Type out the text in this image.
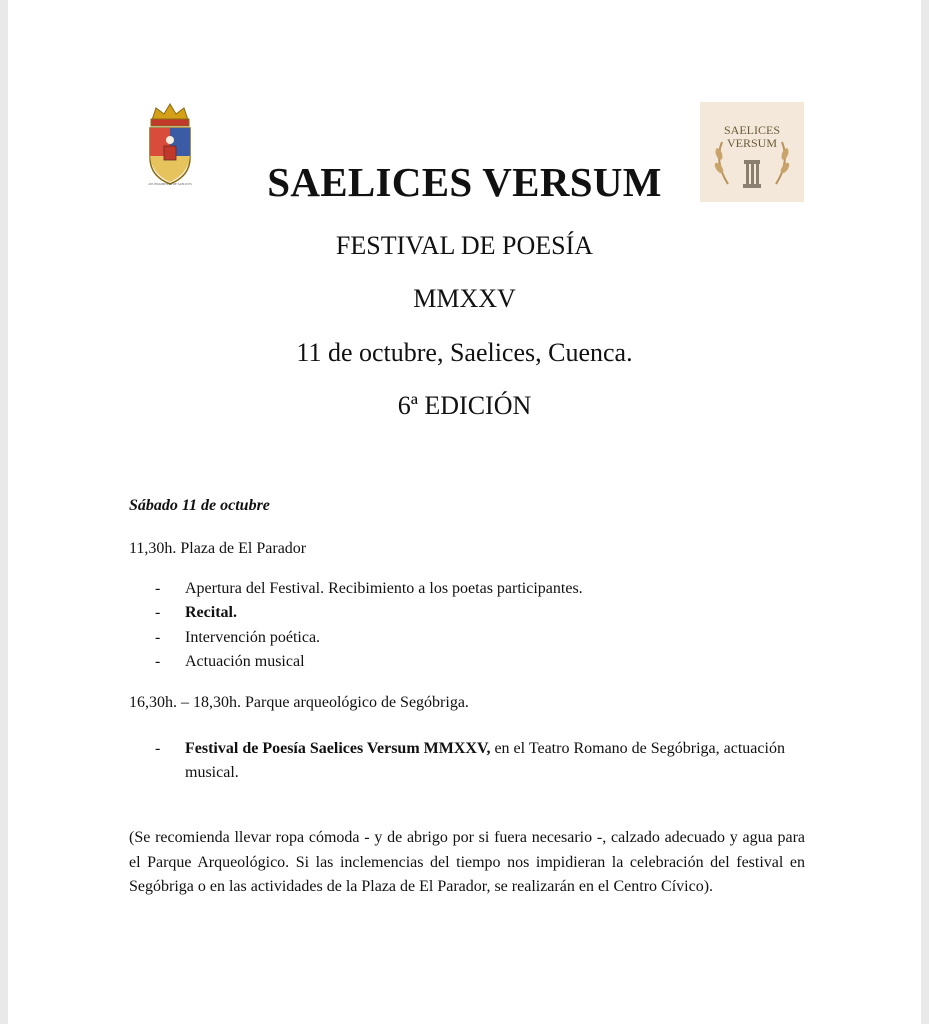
AYUNTAMIENTO DE SAELICES
SAELICES
VERSUM
SAELICES VERSUM
FESTIVAL DE POESÍA
MMXXV
11 de octubre, Saelices, Cuenca.
6ª EDICIÓN
Sábado 11 de octubre
11,30h. Plaza de El Parador
- Apertura del Festival. Recibimiento a los poetas participantes.
- Recital.
- Intervención poética.
- Actuación musical
16,30h. – 18,30h. Parque arqueológico de Segóbriga.
- Festival de Poesía Saelices Versum MMXXV, en el Teatro Romano de Segóbriga, actuación musical.
(Se recomienda llevar ropa cómoda - y de abrigo por si fuera necesario -, calzado adecuado y agua para el Parque Arqueológico. Si las inclemencias del tiempo nos impidieran la celebración del festival en Segóbriga o en las actividades de la Plaza de El Parador, se realizarán en el Centro Cívico).
